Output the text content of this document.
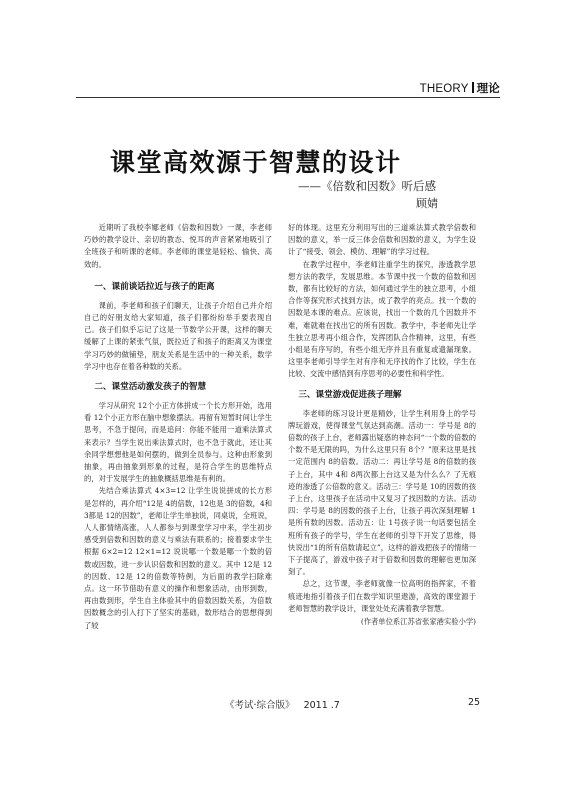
THEORY 理论
课堂高效源于智慧的设计
——《倍数和因数》听后感
顾婧

近期听了我校李娜老师《倍数和因数》一课，李老师巧妙的教学设计、亲切的教态、悦耳的声音紧紧地吸引了全班孩子和听课的老师。李老师的课堂是轻松、愉快、高效的。

一、课前谈话拉近与孩子的距离

课前，李老师和孩子们聊天，让孩子介绍自己并介绍自己的好朋友给大家知道，孩子们都纷纷举手要表现自己。孩子们似乎忘记了这是一节数学公开课，这样的聊天缓解了上课的紧张气氛，既拉近了和孩子的距离又为课堂学习巧妙的做铺垫，朋友关系是生活中的一种关系，数学学习中也存在着各种数的关系。

二、课堂活动激发孩子的智慧

学习从研究 12个小正方体拼成一个长方形开始，选用看 12个小正方形在脑中想象摆法。再留有短暂时间让学生思考，不急于提问，而是追问：你能不能用一道乘法算式来表示？当学生说出乘法算式时，也不急于就此，还让其余同学想想他是如何摆的，做到全员参与。这种由形象到抽象，再由抽象到形象的过程，是符合学生的思维特点的，对于发展学生的抽象概括思维是有利的。

先结合乘法算式 4×3=12 让学生说说拼成的长方形是怎样的，再介绍“12是 4的倍数，12也是 3的倍数，4和 3都是 12的因数”，老师让学生单独说，同桌说，全班说，人人都情绪高涨，人人都参与到课堂学习中来，学生初步感受到倍数和因数的意义与乘法有联系的；接着要求学生根据 6×2=12 12×1=12 说说哪一个数是哪一个数的倍数或因数，进一步认识倍数和因数的意义。其中 12是 12的因数、12是 12的倍数等特例，为后面的教学扫除难点。这一环节借助有意义的操作和想象活动，由形到数，再由数到形，学生自主体验其中的倍数因数关系，为倍数因数概念的引入打下了坚实的基础，数形结合的思想得到了较

好的体现。这里充分利用写出的三道乘法算式教学倍数和因数的意义，举一反三体会倍数和因数的意义，为学生设计了“接受、领会、模仿、理解”的学习过程。

在教学过程中，李老师注重学生的探究，渗透教学思想方法的教学，发展思维。本节课中找一个数的倍数和因数，都有比较好的方法，如何通过学生的独立思考，小组合作等探究形式找到方法，成了教学的亮点。找一个数的因数是本课的难点。应该说，找出一个数的几个因数并不难，难就难在找出它的所有因数。教学中，李老师先让学生独立思考再小组合作，发挥团队合作精神，这里，有些小组是有序写的，有些小组无序并且有重复或遗漏现象。这里李老师引导学生对有序和无序找的作了比较，学生在比较、交流中感悟到有序思考的必要性和科学性。

三、课堂游戏促进孩子理解

李老师的练习设计更是精妙，让学生利用身上的学号牌玩游戏，使得课堂气氛达到高潮。活动一：学号是 8的倍数的孩子上台，老师露出疑惑的神态问“一个数的倍数的个数不是无限的吗，为什么这里只有 8个？”原来这里是找一定范围内 8的倍数。活动二：再让学号是 8的倍数的孩子上台，其中 4和 8两次都上台这又是为什么么？了无痕迹的渗透了公倍数的意义。活动三：学号是 10的因数的孩子上台，这里孩子在活动中又复习了找因数的方法。活动四：学号是 8的因数的孩子上台，让孩子再次深刻理解 1是所有数的因数。活动五：让 1号孩子说一句话要包括全班所有孩子的学号，学生在老师的引导下开发了思维，得快说出“1的所有倍数请起立”，这样的游戏把孩子的情绪一下子提高了，游戏中孩子对于倍数和因数的理解也更加深刻了。

总之，这节课，李老师就像一位高明的指挥家，不着痕迹地指引着孩子们在数学知识里遨游，高效的课堂源于老师智慧的教学设计，课堂处处充满着教学智慧。

(作者单位系江苏省张家港实验小学)

《考试·综合版》 2011 .7	25
